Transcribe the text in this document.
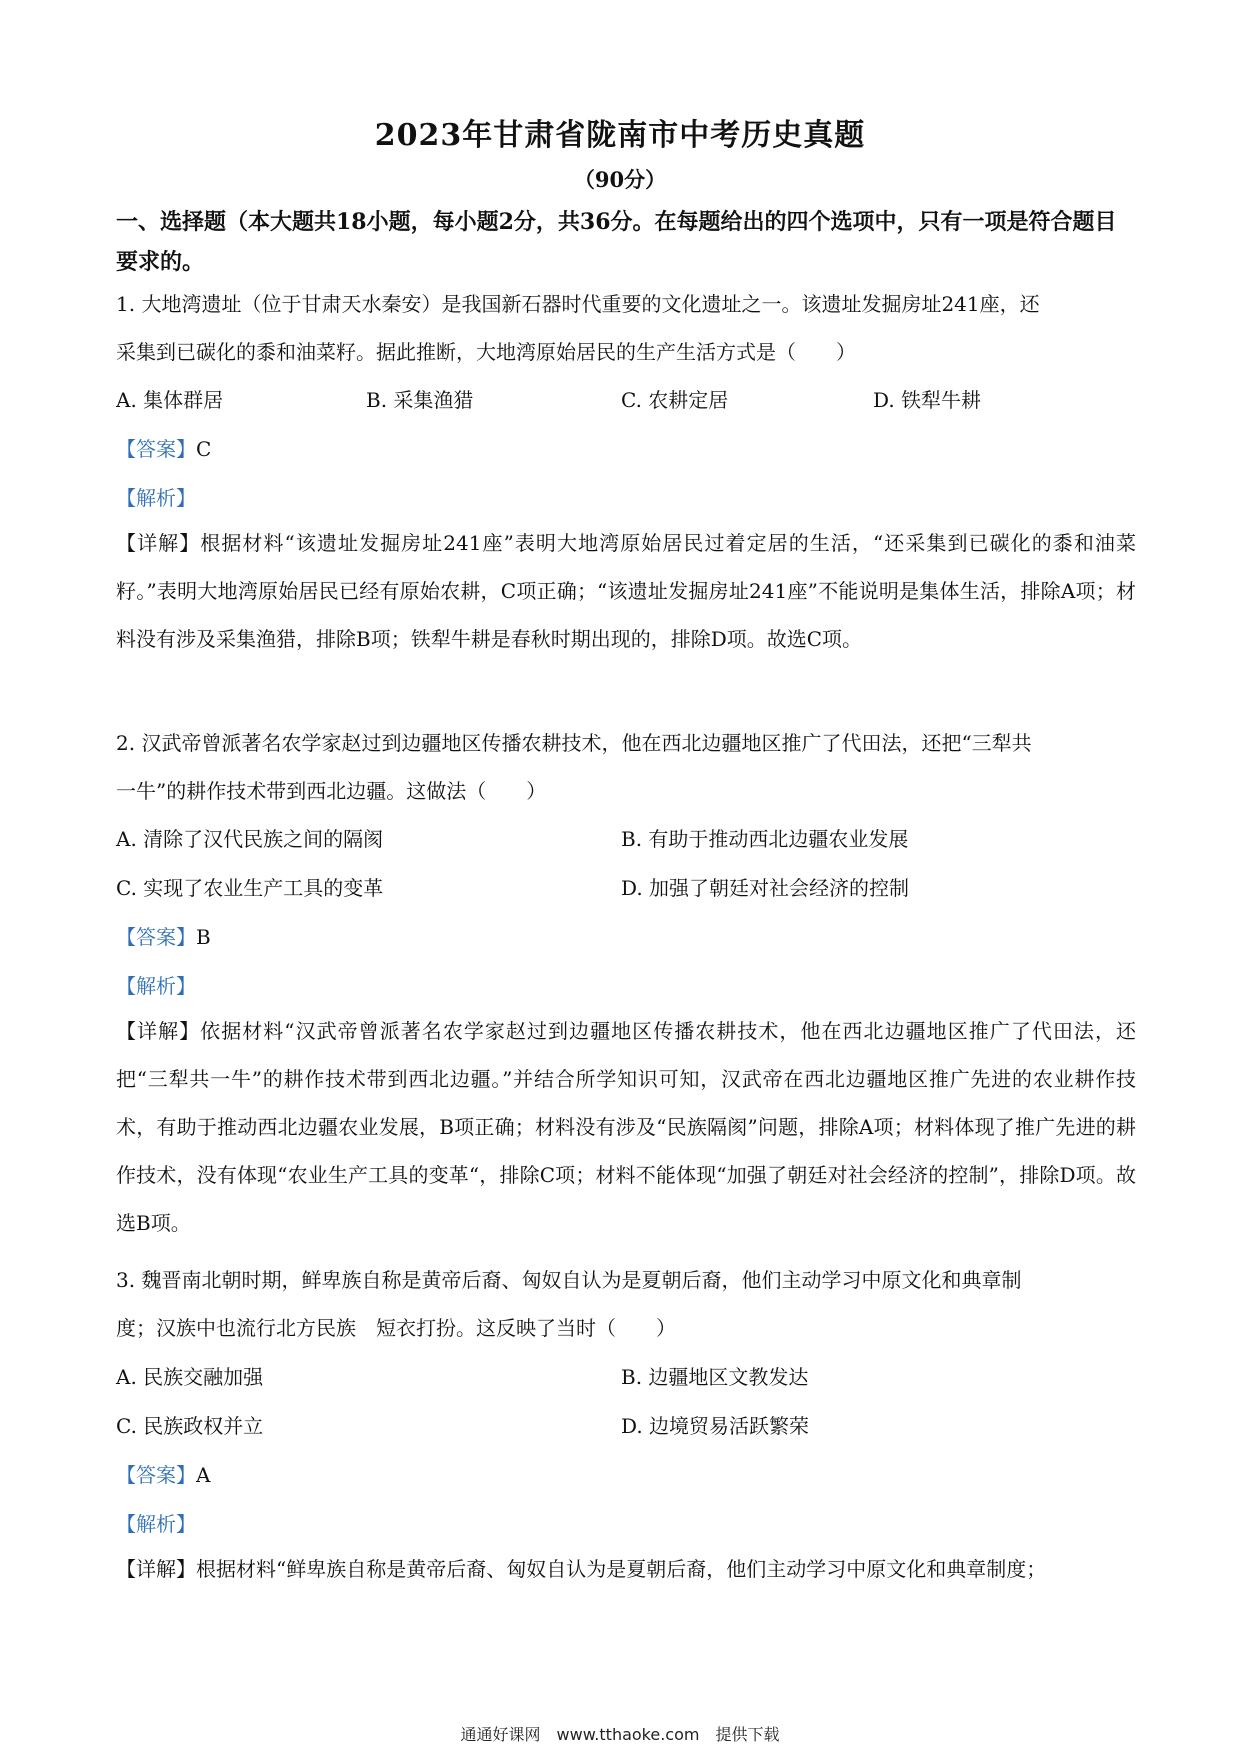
2023年甘肃省陇南市中考历史真题
（90分）
一、选择题（本大题共18小题，每小题2分，共36分。在每题给出的四个选项中，只有一项是符合题目要求的。
1. 大地湾遗址（位于甘肃天水秦安）是我国新石器时代重要的文化遗址之一。该遗址发掘房址241座，还
采集到已碳化的黍和油菜籽。据此推断，大地湾原始居民的生产生活方式是（　　）
A. 集体群居	B. 采集渔猎	C. 农耕定居	D. 铁犁牛耕
【答案】C
【解析】
【详解】根据材料“该遗址发掘房址241座”表明大地湾原始居民过着定居的生活，“还采集到已碳化的黍和油菜籽。”表明大地湾原始居民已经有原始农耕，C项正确；“该遗址发掘房址241座”不能说明是集体生活，排除A项；材料没有涉及采集渔猎，排除B项；铁犁牛耕是春秋时期出现的，排除D项。故选C项。
2. 汉武帝曾派著名农学家赵过到边疆地区传播农耕技术，他在西北边疆地区推广了代田法，还把“三犁共
一牛”的耕作技术带到西北边疆。这做法（　　）
A. 清除了汉代民族之间的隔阂	B. 有助于推动西北边疆农业发展
C. 实现了农业生产工具的变革	D. 加强了朝廷对社会经济的控制
【答案】B
【解析】
【详解】依据材料“汉武帝曾派著名农学家赵过到边疆地区传播农耕技术，他在西北边疆地区推广了代田法，还把“三犁共一牛”的耕作技术带到西北边疆。”并结合所学知识可知，汉武帝在西北边疆地区推广先进的农业耕作技术，有助于推动西北边疆农业发展，B项正确；材料没有涉及“民族隔阂”问题，排除A项；材料体现了推广先进的耕作技术，没有体现“农业生产工具的变革“，排除C项；材料不能体现“加强了朝廷对社会经济的控制”，排除D项。故选B项。
3. 魏晋南北朝时期，鲜卑族自称是黄帝后裔、匈奴自认为是夏朝后裔，他们主动学习中原文化和典章制
度；汉族中也流行北方民族　短衣打扮。这反映了当时（　　）
A. 民族交融加强	B. 边疆地区文教发达
C. 民族政权并立	D. 边境贸易活跃繁荣
【答案】A
【解析】
【详解】根据材料“鲜卑族自称是黄帝后裔、匈奴自认为是夏朝后裔，他们主动学习中原文化和典章制度；
通通好课网　www.tthaoke.com　提供下载
